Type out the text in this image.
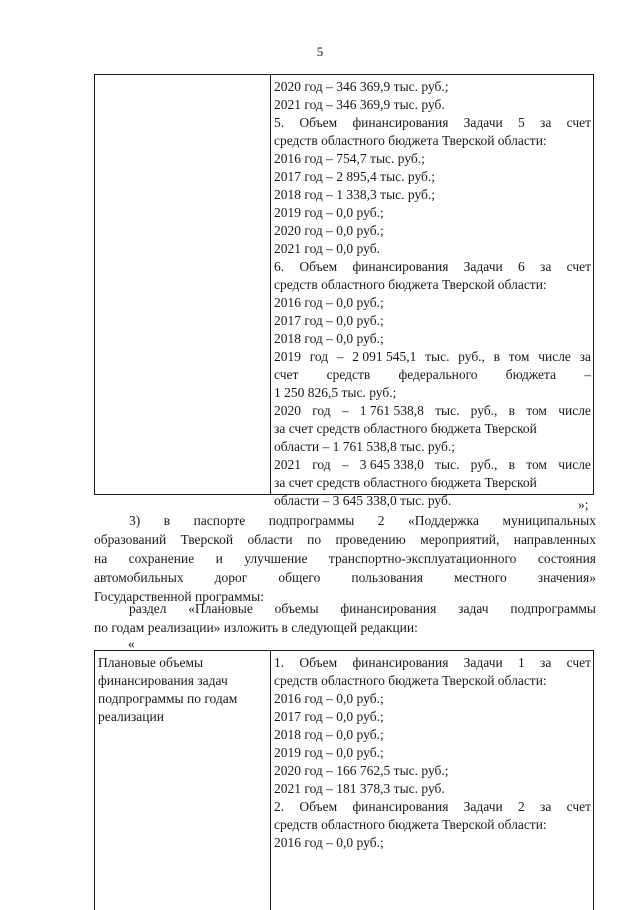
5
2020 год – 346 369,9 тыс. руб.;
2021 год – 346 369,9 тыс. руб.
5. Объем финансирования Задачи 5 за счет
средств областного бюджета Тверской области:
2016 год – 754,7 тыс. руб.;
2017 год – 2 895,4 тыс. руб.;
2018 год – 1 338,3 тыс. руб.;
2019 год – 0,0 руб.;
2020 год – 0,0 руб.;
2021 год – 0,0 руб.
6. Объем финансирования Задачи 6 за счет
средств областного бюджета Тверской области:
2016 год – 0,0 руб.;
2017 год – 0,0 руб.;
2018 год – 0,0 руб.;
2019 год – 2 091 545,1 тыс. руб., в том числе за
счет средств федерального бюджета –
1 250 826,5 тыс. руб.;
2020 год – 1 761 538,8 тыс. руб., в том числе
за счет средств областного бюджета Тверской
области – 1 761 538,8 тыс. руб.;
2021 год – 3 645 338,0 тыс. руб., в том числе
за счет средств областного бюджета Тверской
области – 3 645 338,0 тыс. руб.	»;
3) в паспорте подпрограммы 2 «Поддержка муниципальных
образований Тверской области по проведению мероприятий, направленных
на сохранение и улучшение транспортно-эксплуатационного состояния
автомобильных дорог общего пользования местного значения»
Государственной программы:
раздел «Плановые объемы финансирования задач подпрограммы
по годам реализации» изложить в следующей редакции:
«
Плановые объемы
финансирования задач
подпрограммы по годам
реализации
1. Объем финансирования Задачи 1 за счет
средств областного бюджета Тверской области:
2016 год – 0,0 руб.;
2017 год – 0,0 руб.;
2018 год – 0,0 руб.;
2019 год – 0,0 руб.;
2020 год – 166 762,5 тыс. руб.;
2021 год – 181 378,3 тыс. руб.
2. Объем финансирования Задачи 2 за счет
средств областного бюджета Тверской области:
2016 год – 0,0 руб.;
